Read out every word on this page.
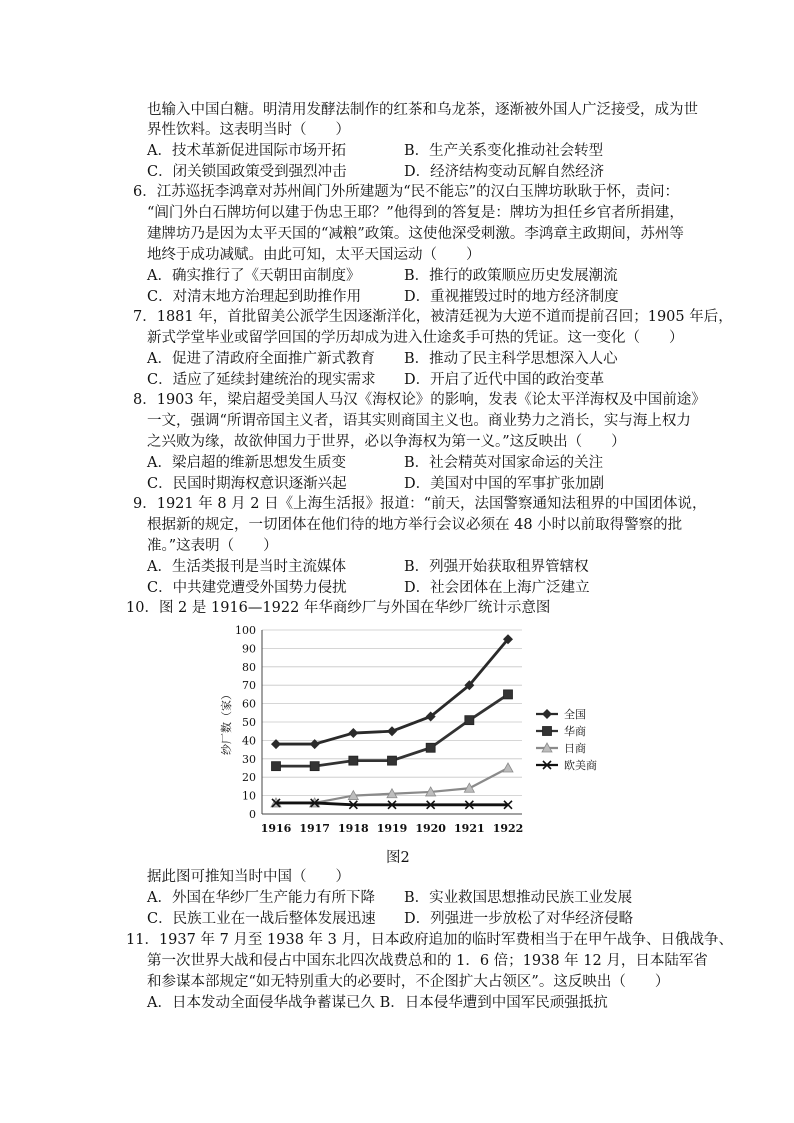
也输入中国白糖。明清用发酵法制作的红茶和乌龙茶，逐渐被外国人广泛接受，成为世
界性饮料。这表明当时（　　）
A．技术革新促进国际市场开拓	B．生产关系变化推动社会转型
C．闭关锁国政策受到强烈冲击	D．经济结构变动瓦解自然经济
6．江苏巡抚李鸿章对苏州阊门外所建题为“民不能忘”的汉白玉牌坊耿耿于怀，责问：
“阊门外白石牌坊何以建于伪忠王耶？”他得到的答复是：牌坊为担任乡官者所捐建，
建牌坊乃是因为太平天国的“减粮”政策。这使他深受刺激。李鸿章主政期间，苏州等
地终于成功减赋。由此可知，太平天国运动（　　）
A．确实推行了《天朝田亩制度》	B．推行的政策顺应历史发展潮流
C．对清末地方治理起到助推作用	D．重视摧毁过时的地方经济制度
7．1881 年，首批留美公派学生因逐渐洋化，被清廷视为大逆不道而提前召回；1905 年后，
新式学堂毕业或留学回国的学历却成为进入仕途炙手可热的凭证。这一变化（　　）
A．促进了清政府全面推广新式教育 B．推动了民主科学思想深入人心
C．适应了延续封建统治的现实需求 D．开启了近代中国的政治变革
8．1903 年，梁启超受美国人马汉《海权论》的影响，发表《论太平洋海权及中国前途》
一文，强调“所谓帝国主义者，语其实则商国主义也。商业势力之消长，实与海上权力
之兴败为缘，故欲伸国力于世界，必以争海权为第一义。”这反映出（　　）
A．梁启超的维新思想发生质变	B．社会精英对国家命运的关注
C．民国时期海权意识逐渐兴起	D．美国对中国的军事扩张加剧
9．1921 年 8 月 2 日《上海生活报》报道：“前天，法国警察通知法租界的中国团体说，
根据新的规定，一切团体在他们待的地方举行会议必须在 48 小时以前取得警察的批
准。”这表明（　　）
A．生活类报刊是当时主流媒体	B．列强开始获取租界管辖权
C．中共建党遭受外国势力侵扰	D．社会团体在上海广泛建立
10．图 2 是 1916—1922 年华商纱厂与外国在华纱厂统计示意图
0
10
20
30
40
50
60
70
80
90
100
1916 1917 1918 1919 1920 1921 1922
纱厂数（家）	全国
华商
日商
欧美商
图2
据此图可推知当时中国（　　）
A．外国在华纱厂生产能力有所下降 B．实业救国思想推动民族工业发展
C．民族工业在一战后整体发展迅速 D．列强进一步放松了对华经济侵略
11．1937 年 7 月至 1938 年 3 月，日本政府追加的临时军费相当于在甲午战争、日俄战争、
第一次世界大战和侵占中国东北四次战费总和的 1．6 倍；1938 年 12 月，日本陆军省
和参谋本部规定“如无特别重大的必要时，不企图扩大占领区”。这反映出（　　）
A．日本发动全面侵华战争蓄谋已久 B．日本侵华遭到中国军民顽强抵抗
